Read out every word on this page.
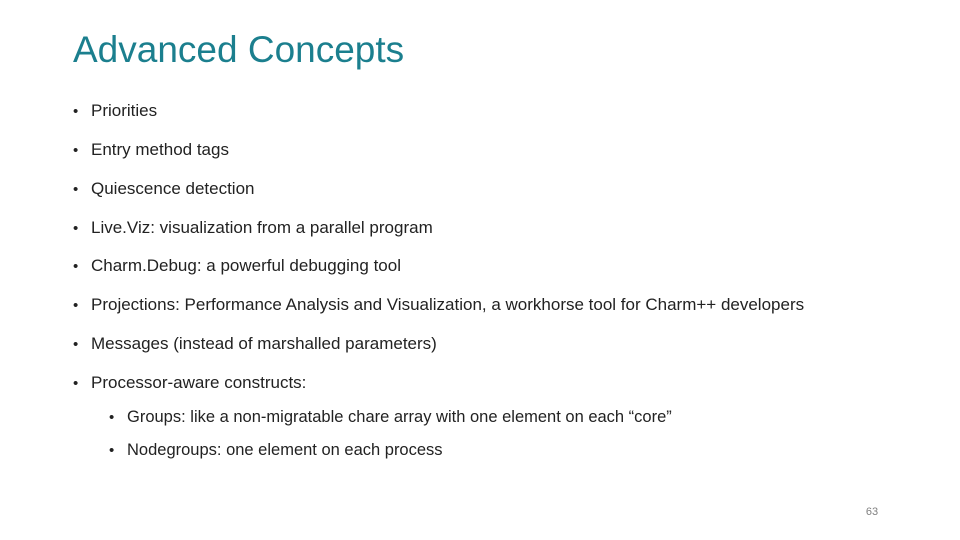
Advanced Concepts
• Priorities
• Entry method tags
• Quiescence detection
• Live.Viz: visualization from a parallel program
• Charm.Debug: a powerful debugging tool
• Projections: Performance Analysis and Visualization, a workhorse tool for Charm++ developers
• Messages (instead of marshalled parameters)
• Processor-aware constructs:
• Groups: like a non-migratable chare array with one element on each “core”
• Nodegroups: one element on each process
63
